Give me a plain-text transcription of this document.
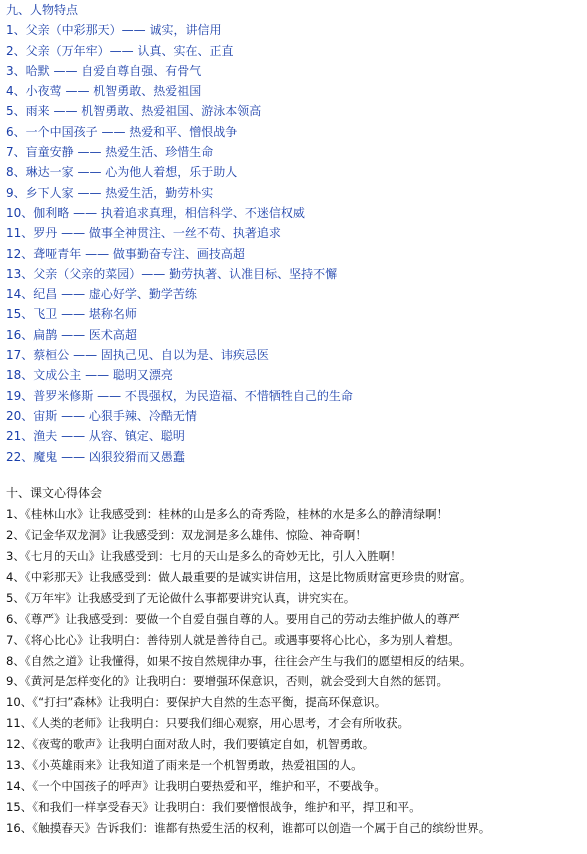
九、人物特点
1、父亲（中彩那天）—— 诚实，讲信用
2、父亲（万年牢）—— 认真、实在、正直
3、哈默 —— 自爱自尊自强、有骨气
4、小夜莺 —— 机智勇敢、热爱祖国
5、雨来 —— 机智勇敢、热爱祖国、游泳本领高
6、一个中国孩子 —— 热爱和平、憎恨战争
7、盲童安静 —— 热爱生活、珍惜生命
8、琳达一家 —— 心为他人着想，乐于助人
9、乡下人家 —— 热爱生活，勤劳朴实
10、伽利略 —— 执着追求真理，相信科学、不迷信权威
11、罗丹 —— 做事全神贯注、一丝不苟、执著追求
12、聋哑青年 —— 做事勤奋专注、画技高超
13、父亲（父亲的菜园）—— 勤劳执著、认准目标、坚持不懈
14、纪昌 —— 虚心好学、勤学苦练
15、飞卫 —— 堪称名师
16、扁鹊 —— 医术高超
17、蔡桓公 —— 固执己见、自以为是、讳疾忌医
18、文成公主 —— 聪明又漂亮
19、普罗米修斯 —— 不畏强权，为民造福、不惜牺牲自己的生命
20、宙斯 —— 心狠手辣、冷酷无情
21、渔夫 —— 从容、镇定、聪明
22、魔鬼 —— 凶狠狡猾而又愚蠢
十、课文心得体会
1、《桂林山水》让我感受到：桂林的山是多么的奇秀险，桂林的水是多么的静清绿啊！
2、《记金华双龙洞》让我感受到：双龙洞是多么雄伟、惊险、神奇啊！
3、《七月的天山》让我感受到：七月的天山是多么的奇妙无比，引人入胜啊！
4、《中彩那天》让我感受到：做人最重要的是诚实讲信用，这是比物质财富更珍贵的财富。
5、《万年牢》让我感受到了无论做什么事都要讲究认真，讲究实在。
6、《尊严》让我感受到：要做一个自爱自强自尊的人。要用自己的劳动去维护做人的尊严
7、《将心比心》让我明白：善待别人就是善待自己。或遇事要将心比心，多为别人着想。
8、《自然之道》让我懂得，如果不按自然规律办事，往往会产生与我们的愿望相反的结果。
9、《黄河是怎样变化的》让我明白：要增强环保意识，否则，就会受到大自然的惩罚。
10、《“打扫”森林》让我明白：要保护大自然的生态平衡，提高环保意识。
11、《人类的老师》让我明白：只要我们细心观察，用心思考，才会有所收获。
12、《夜莺的歌声》让我明白面对敌人时，我们要镇定自如，机智勇敢。
13、《小英雄雨来》让我知道了雨来是一个机智勇敢，热爱祖国的人。
14、《一个中国孩子的呼声》让我明白要热爱和平，维护和平，不要战争。
15、《和我们一样享受春天》让我明白：我们要憎恨战争，维护和平，捍卫和平。
16、《触摸春天》告诉我们：谁都有热爱生活的权利，谁都可以创造一个属于自己的缤纷世界。
